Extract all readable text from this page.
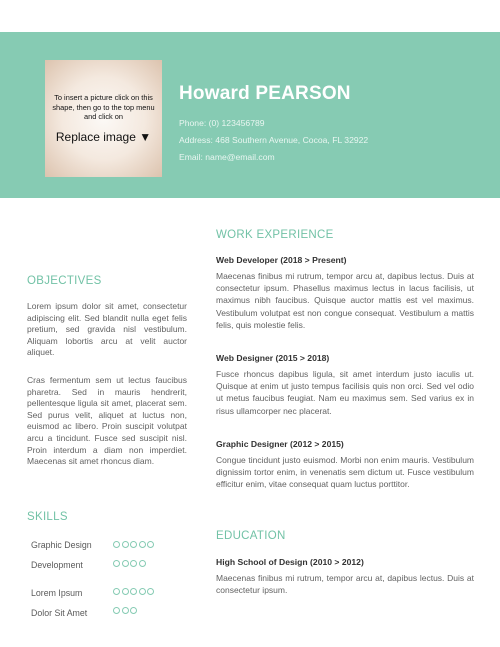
To insert a picture click on this shape, then go to the top menu and click on
Replace image ▼
Howard PEARSON
Phone: (0) 123456789
Address: 468 Southern Avenue, Cocoa, FL 32922
Email: name@email.com
OBJECTIVES
Lorem ipsum dolor sit amet, consectetur adipiscing elit. Sed blandit nulla eget felis pretium, sed gravida nisl vestibulum. Aliquam lobortis arcu at velit auctor aliquet.
Cras fermentum sem ut lectus faucibus pharetra. Sed in mauris hendrerit, pellentesque ligula sit amet, placerat sem. Sed purus velit, aliquet at luctus non, euismod ac libero. Proin suscipit volutpat arcu a tincidunt. Fusce sed suscipit nisl. Proin interdum a diam non imperdiet. Maecenas sit amet rhoncus diam.
SKILLS
Graphic Design
Development
Lorem Ipsum
Dolor Sit Amet
WORK EXPERIENCE
Web Developer (2018 > Present)
Maecenas finibus mi rutrum, tempor arcu at, dapibus lectus. Duis at consectetur ipsum. Phasellus maximus lectus in lacus facilisis, ut maximus nibh faucibus. Quisque auctor mattis est vel maximus. Vestibulum volutpat est non congue consequat. Vestibulum a mattis felis, quis molestie felis.
Web Designer (2015 > 2018)
Fusce rhoncus dapibus ligula, sit amet interdum justo iaculis ut. Quisque at enim ut justo tempus facilisis quis non orci. Sed vel odio ut metus faucibus feugiat. Nam eu maximus sem. Sed varius ex in risus ullamcorper nec placerat.
Graphic Designer (2012 > 2015)
Congue tincidunt justo euismod. Morbi non enim mauris. Vestibulum dignissim tortor enim, in venenatis sem dictum ut. Fusce vestibulum efficitur enim, vitae consequat quam luctus porttitor.
EDUCATION
High School of Design (2010 > 2012)
Maecenas finibus mi rutrum, tempor arcu at, dapibus lectus. Duis at consectetur ipsum.
